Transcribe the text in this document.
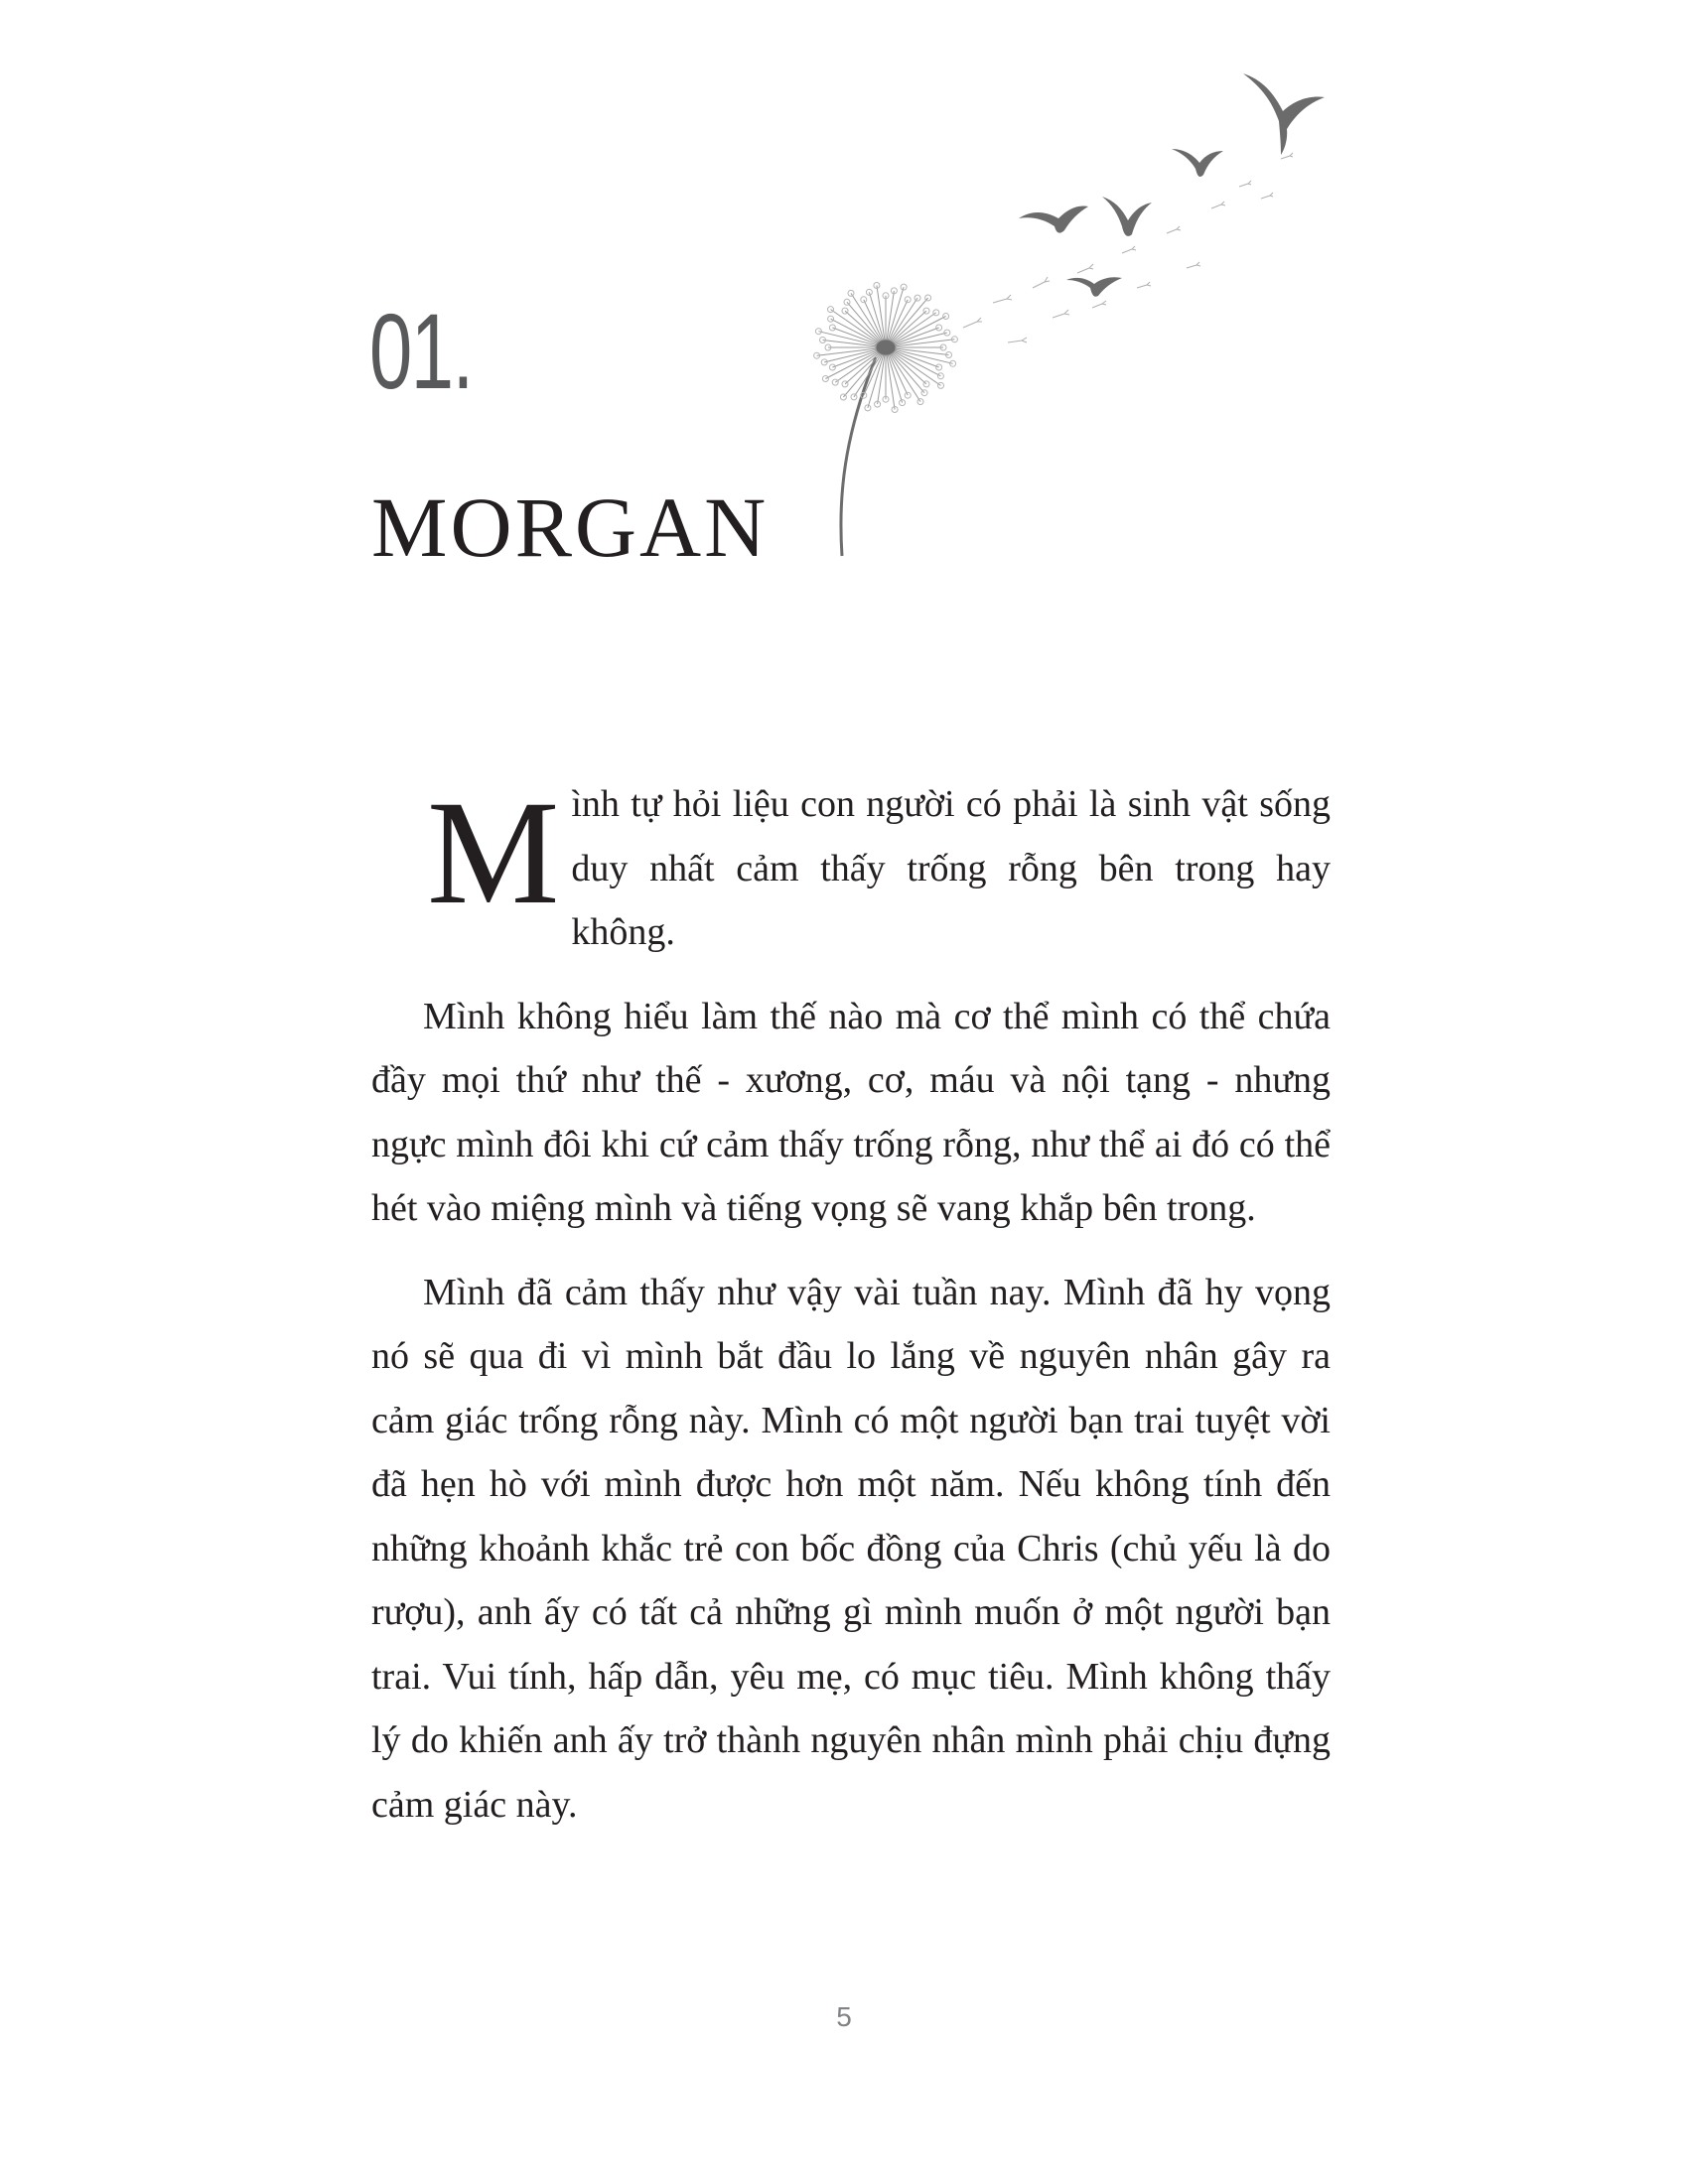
01.
MORGAN

Mình tự hỏi liệu con người có phải là sinh vật sống duy nhất cảm thấy trống rỗng bên trong hay không.

Mình không hiểu làm thế nào mà cơ thể mình có thể chứa đầy mọi thứ như thế - xương, cơ, máu và nội tạng - nhưng ngực mình đôi khi cứ cảm thấy trống rỗng, như thể ai đó có thể hét vào miệng mình và tiếng vọng sẽ vang khắp bên trong.

Mình đã cảm thấy như vậy vài tuần nay. Mình đã hy vọng nó sẽ qua đi vì mình bắt đầu lo lắng về nguyên nhân gây ra cảm giác trống rỗng này. Mình có một người bạn trai tuyệt vời đã hẹn hò với mình được hơn một năm. Nếu không tính đến những khoảnh khắc trẻ con bốc đồng của Chris (chủ yếu là do rượu), anh ấy có tất cả những gì mình muốn ở một người bạn trai. Vui tính, hấp dẫn, yêu mẹ, có mục tiêu. Mình không thấy lý do khiến anh ấy trở thành nguyên nhân mình phải chịu đựng cảm giác này.

5
